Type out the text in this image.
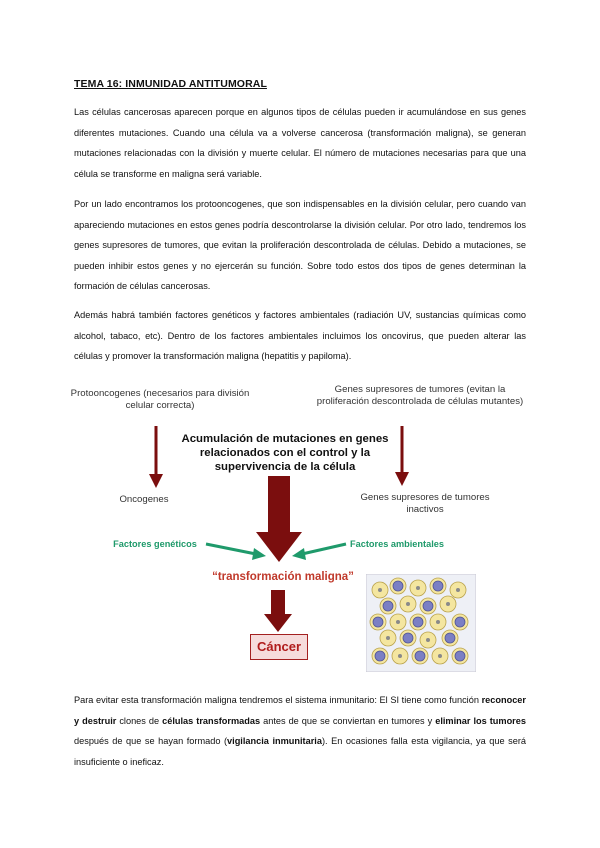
TEMA 16: INMUNIDAD ANTITUMORAL

Las células cancerosas aparecen porque en algunos tipos de células pueden ir acumulándose en sus genes diferentes mutaciones. Cuando una célula va a volverse cancerosa (transformación maligna), se generan mutaciones relacionadas con la división y muerte celular. El número de mutaciones necesarias para que una célula se transforme en maligna será variable.

Por un lado encontramos los protooncogenes, que son indispensables en la división celular, pero cuando van apareciendo mutaciones en estos genes podría descontrolarse la división celular. Por otro lado, tendremos los genes supresores de tumores, que evitan la proliferación descontrolada de células. Debido a mutaciones, se pueden inhibir estos genes y no ejercerán su función. Sobre todo estos dos tipos de genes determinan la formación de células cancerosas.

Además habrá también factores genéticos y factores ambientales (radiación UV, sustancias químicas como alcohol, tabaco, etc). Dentro de los factores ambientales incluimos los oncovirus, que pueden alterar las células y promover la transformación maligna (hepatitis y papiloma).

Protooncogenes (necesarios para división celular correcta)
Genes supresores de tumores (evitan la proliferación descontrolada de células mutantes)
Acumulación de mutaciones en genes relacionados con el control y la supervivencia de la célula
Oncogenes	Genes supresores de tumores inactivos
Factores genéticos	Factores ambientales
“transformación maligna”
Cáncer

Para evitar esta transformación maligna tendremos el sistema inmunitario: El SI tiene como función reconocer y destruir clones de células transformadas antes de que se conviertan en tumores y eliminar los tumores después de que se hayan formado (vigilancia inmunitaria). En ocasiones falla esta vigilancia, ya que será insuficiente o ineficaz.
